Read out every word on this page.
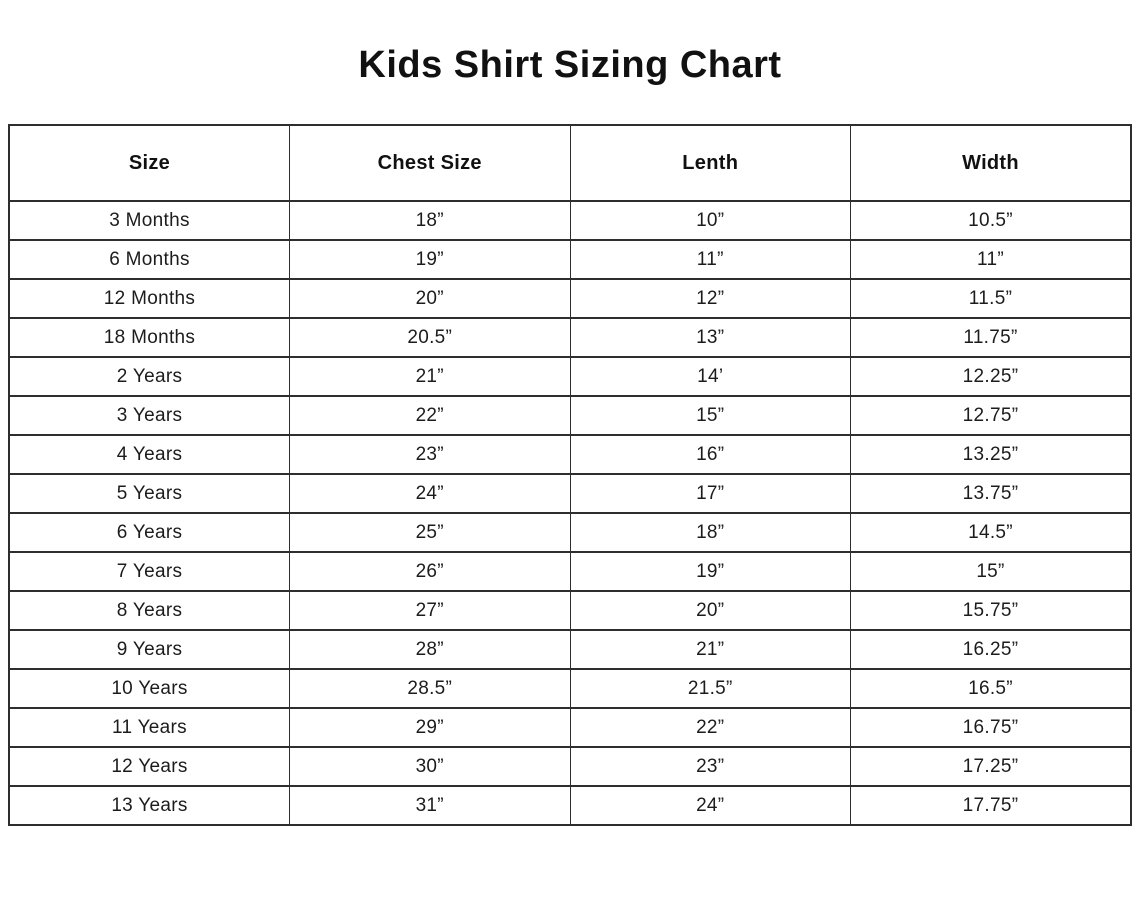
Kids Shirt Sizing Chart
Size	Chest Size	Lenth	Width
3 Months	18”	10”	10.5”
6 Months	19”	11”	11”
12 Months	20”	12”	11.5”
18 Months	20.5”	13”	11.75”
2 Years	21”	14’	12.25”
3 Years	22”	15”	12.75”
4 Years	23”	16”	13.25”
5 Years	24”	17”	13.75”
6 Years	25”	18”	14.5”
7 Years	26”	19”	15”
8 Years	27”	20”	15.75”
9 Years	28”	21”	16.25”
10 Years	28.5”	21.5”	16.5”
11 Years	29”	22”	16.75”
12 Years	30”	23”	17.25”
13 Years	31”	24”	17.75”
